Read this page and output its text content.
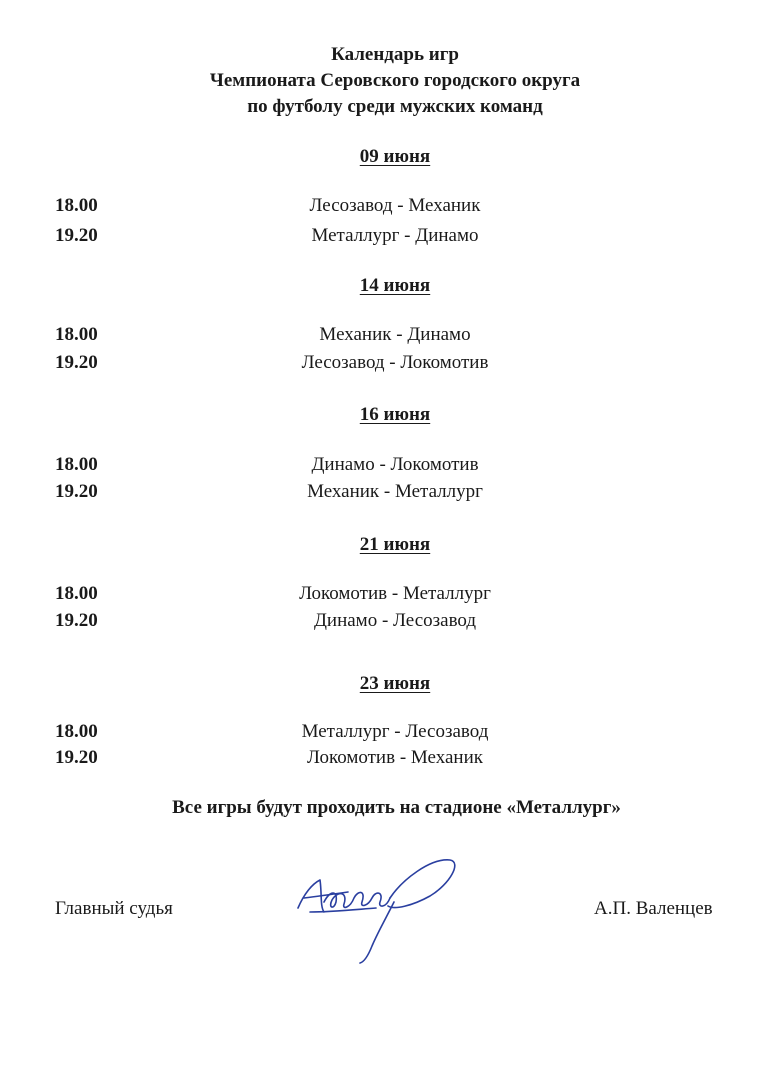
Календарь игр
Чемпионата Серовского городского округа
по футболу среди мужских команд
09 июня
18.00	Лесозавод - Механик
19.20	Металлург - Динамо
14 июня
18.00	Механик - Динамо
19.20	Лесозавод - Локомотив
16 июня
18.00	Динамо - Локомотив
19.20	Механик - Металлург
21 июня
18.00	Локомотив - Металлург
19.20	Динамо - Лесозавод
23 июня
18.00	Металлург - Лесозавод
19.20	Локомотив - Механик
Все игры будут проходить на стадионе «Металлург»
Главный судья	А.П. Валенцев
